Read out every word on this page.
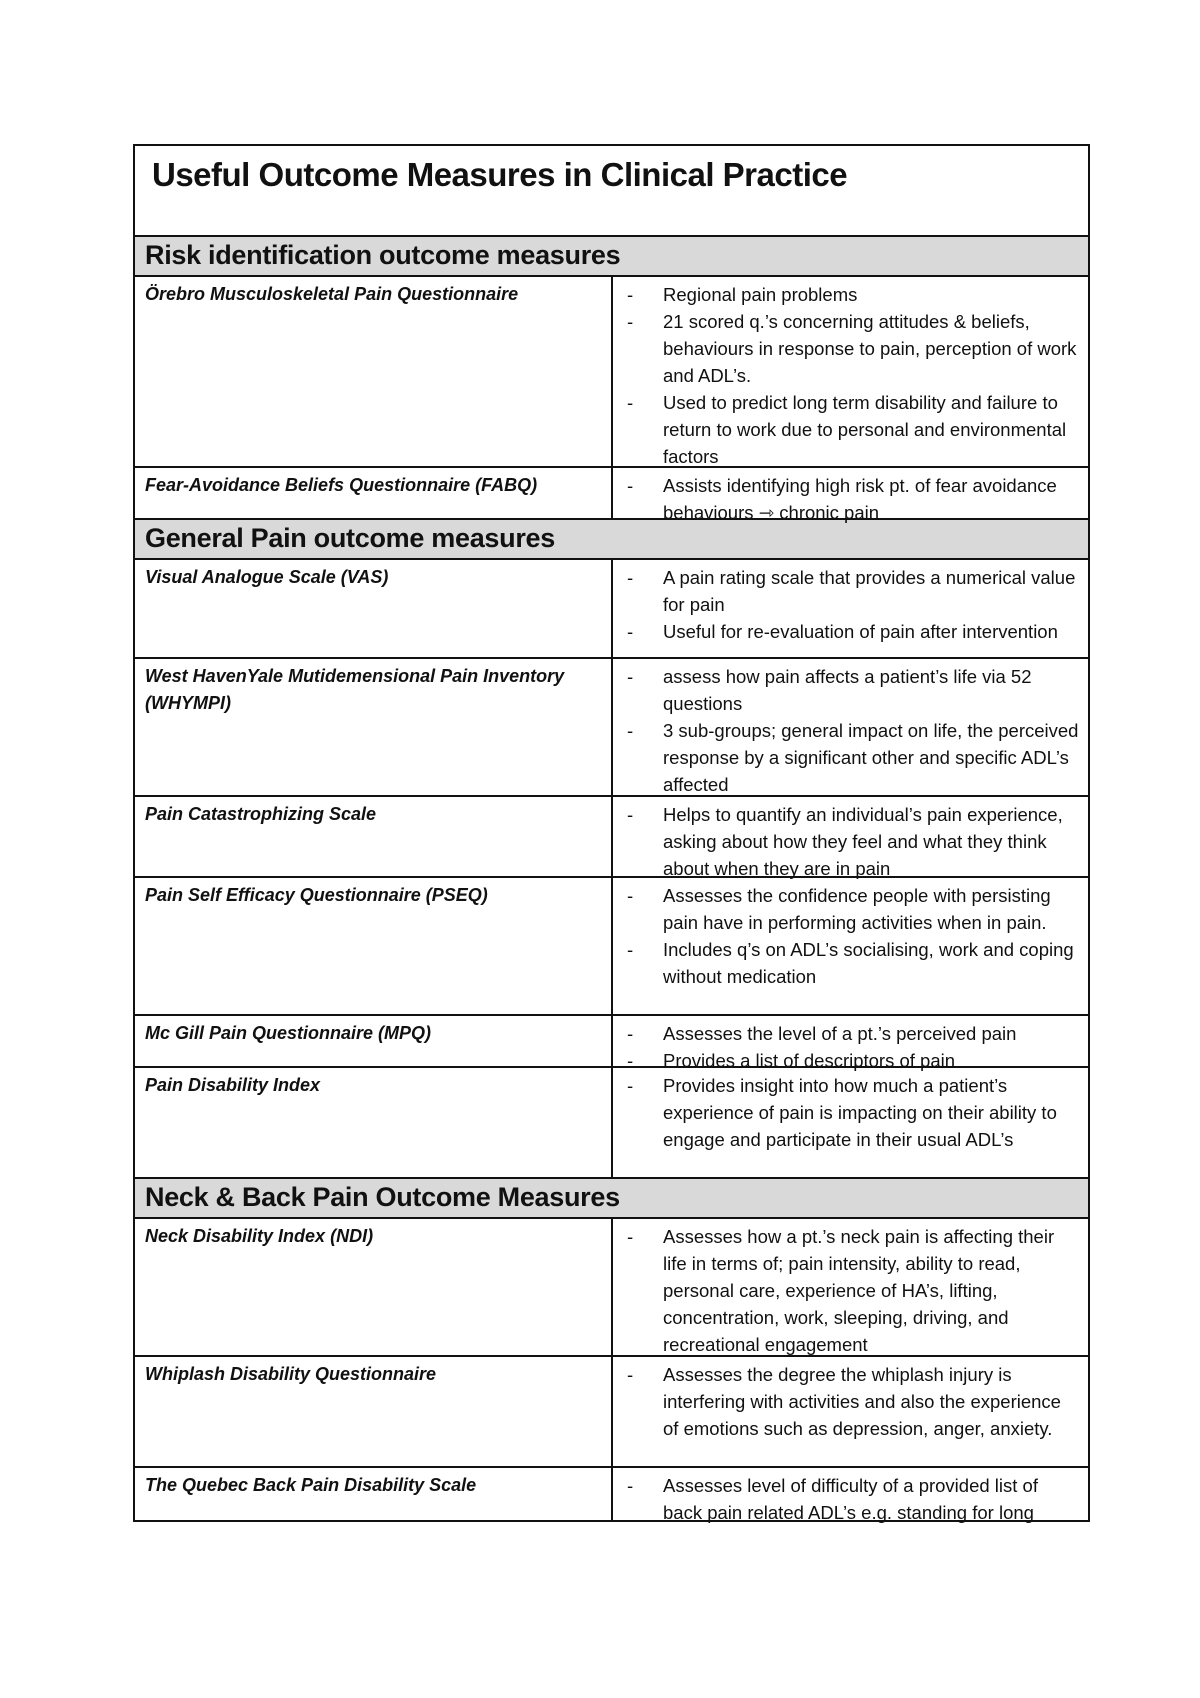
Useful Outcome Measures in Clinical Practice
Risk identification outcome measures
Örebro Musculoskeletal Pain Questionnaire	- Regional pain problems
- 21 scored q.’s concerning attitudes & beliefs, behaviours in response to pain, perception of work and ADL’s.
- Used to predict long term disability and failure to return to work due to personal and environmental factors
Fear-Avoidance Beliefs Questionnaire (FABQ)	- Assists identifying high risk pt. of fear avoidance behaviours ⇾ chronic pain
General Pain outcome measures
Visual Analogue Scale (VAS)	- A pain rating scale that provides a numerical value for pain
- Useful for re-evaluation of pain after intervention
West HavenYale Mutidemensional Pain Inventory (WHYMPI)
- assess how pain affects a patient’s life via 52 questions
- 3 sub-groups; general impact on life, the perceived response by a significant other and specific ADL’s affected
Pain Catastrophizing Scale	- Helps to quantify an individual’s pain experience, asking about how they feel and what they think about when they are in pain
Pain Self Efficacy Questionnaire (PSEQ)	- Assesses the confidence people with persisting pain have in performing activities when in pain.
- Includes q’s on ADL’s socialising, work and coping without medication
Mc Gill Pain Questionnaire (MPQ)	- Assesses the level of a pt.’s perceived pain
- Provides a list of descriptors of pain
Pain Disability Index	- Provides insight into how much a patient’s experience of pain is impacting on their ability to engage and participate in their usual ADL’s
Neck & Back Pain Outcome Measures
Neck Disability Index (NDI)	- Assesses how a pt.’s neck pain is affecting their life in terms of; pain intensity, ability to read, personal care, experience of HA’s, lifting, concentration, work, sleeping, driving, and recreational engagement
Whiplash Disability Questionnaire	- Assesses the degree the whiplash injury is interfering with activities and also the experience of emotions such as depression, anger, anxiety.
The Quebec Back Pain Disability Scale	- Assesses level of difficulty of a provided list of back pain related ADL’s e.g. standing for long
